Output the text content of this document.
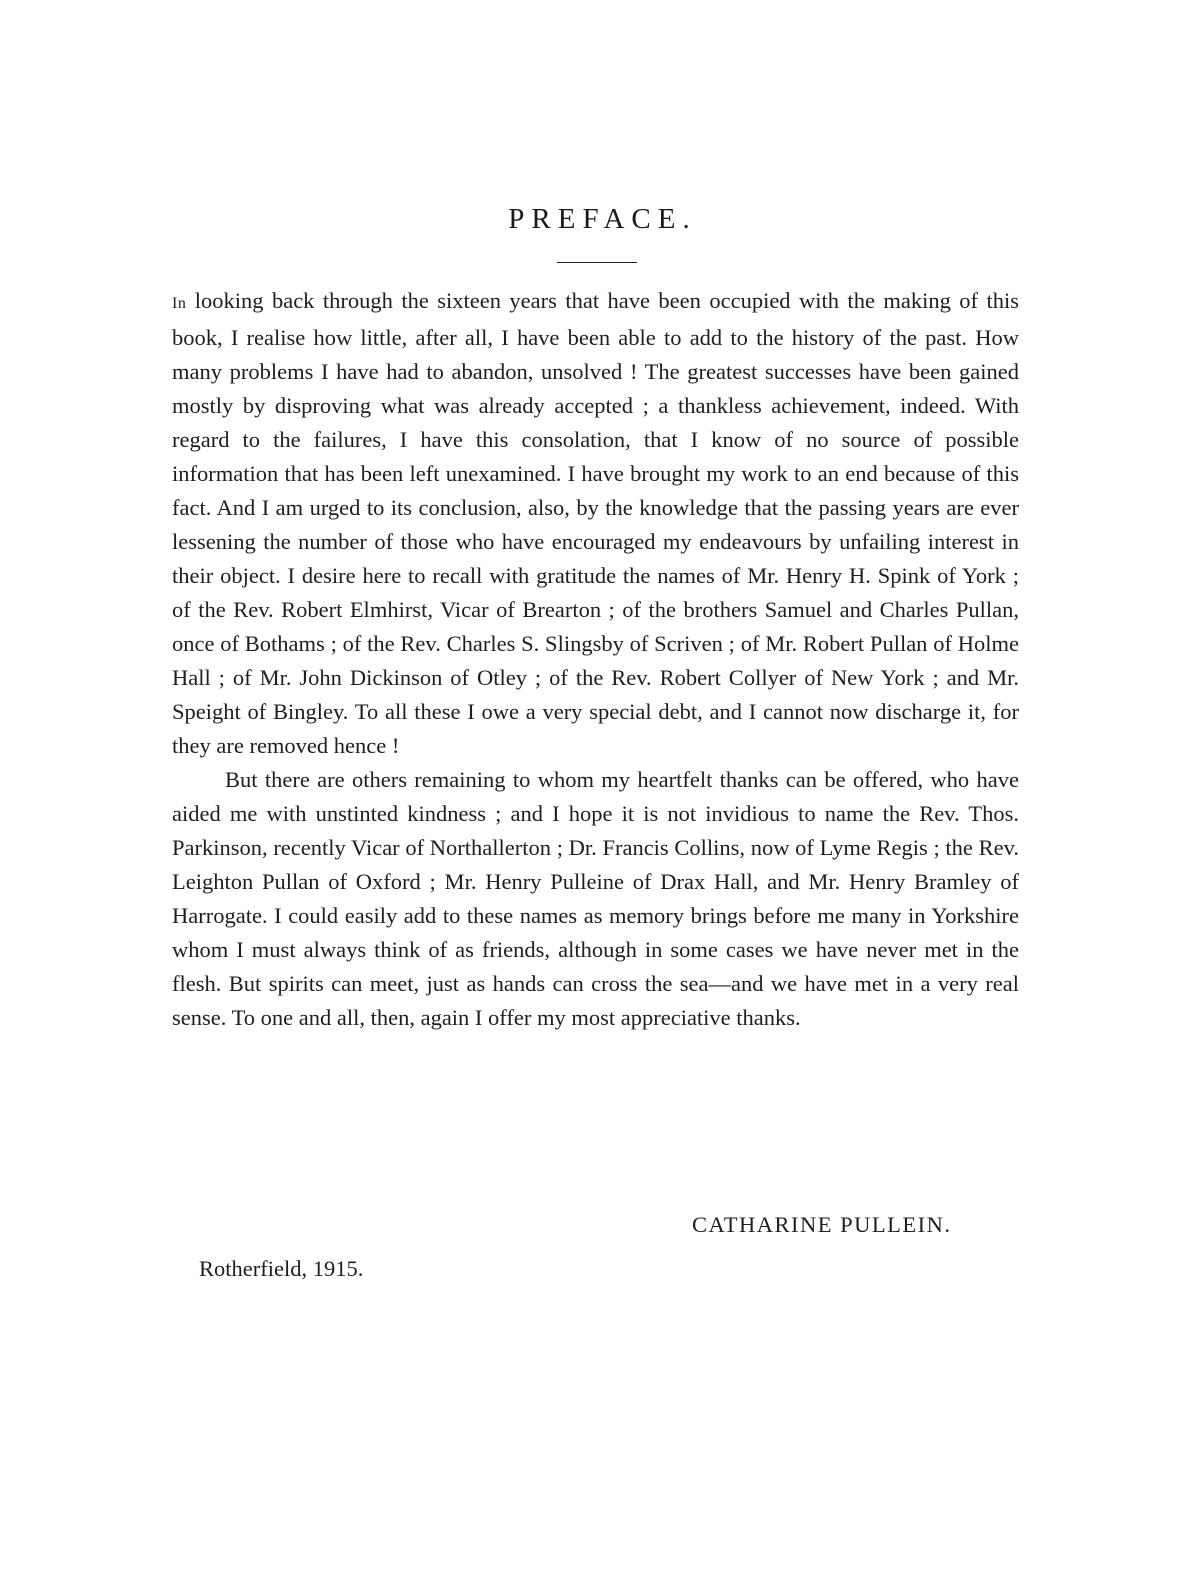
PREFACE.

In looking back through the sixteen years that have been occupied with the making of this book, I realise how little, after all, I have been able to add to the history of the past. How many problems I have had to abandon, unsolved ! The greatest successes have been gained mostly by disproving what was already accepted ; a thankless achievement, indeed. With regard to the failures, I have this consolation, that I know of no source of possible information that has been left unexamined. I have brought my work to an end because of this fact. And I am urged to its conclusion, also, by the knowledge that the passing years are ever lessening the number of those who have encouraged my endeavours by unfailing interest in their object. I desire here to recall with gratitude the names of Mr. Henry H. Spink of York ; of the Rev. Robert Elmhirst, Vicar of Brearton ; of the brothers Samuel and Charles Pullan, once of Bothams ; of the Rev. Charles S. Slingsby of Scriven ; of Mr. Robert Pullan of Holme Hall ; of Mr. John Dickinson of Otley ; of the Rev. Robert Collyer of New York ; and Mr. Speight of Bingley. To all these I owe a very special debt, and I cannot now discharge it, for they are removed hence !

But there are others remaining to whom my heartfelt thanks can be offered, who have aided me with unstinted kindness ; and I hope it is not invidious to name the Rev. Thos. Parkinson, recently Vicar of Northallerton ; Dr. Francis Collins, now of Lyme Regis ; the Rev. Leighton Pullan of Oxford ; Mr. Henry Pulleine of Drax Hall, and Mr. Henry Bramley of Harrogate. I could easily add to these names as memory brings before me many in Yorkshire whom I must always think of as friends, although in some cases we have never met in the flesh. But spirits can meet, just as hands can cross the sea—and we have met in a very real sense. To one and all, then, again I offer my most appreciative thanks.

CATHARINE PULLEIN.
Rotherfield, 1915.
